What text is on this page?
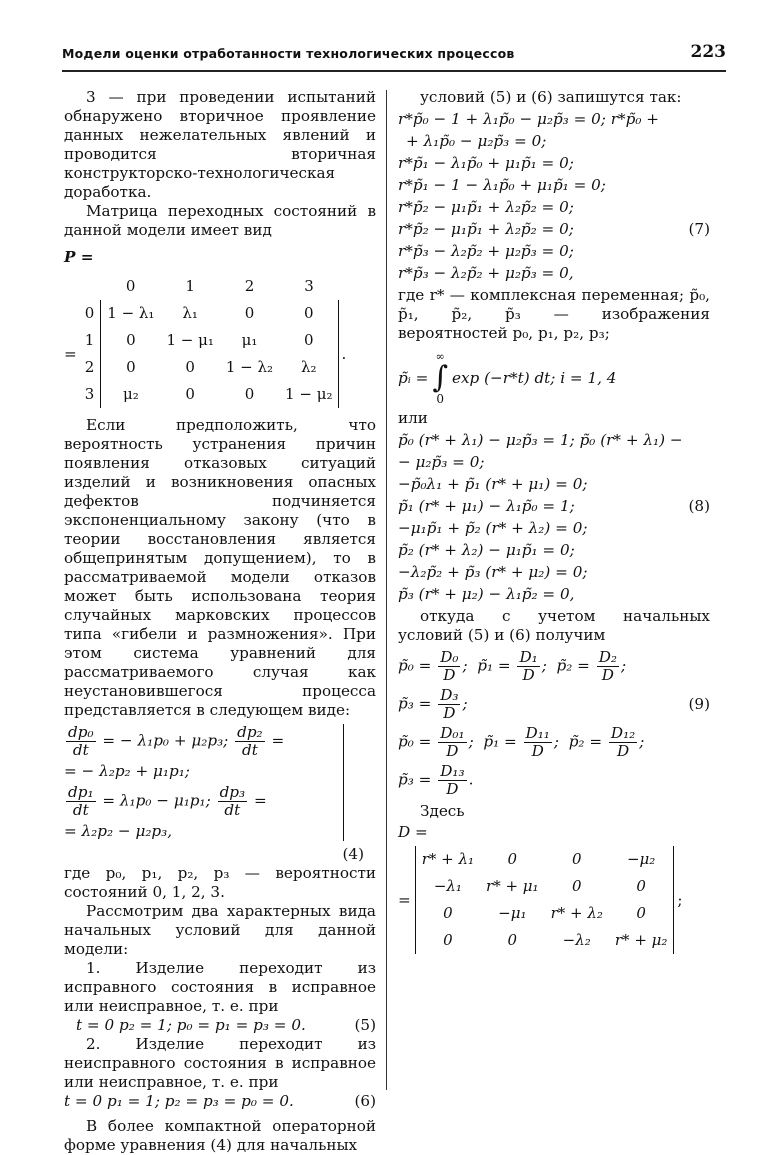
Модели оценки отработанности технологических процессов	223

3 — при проведении испытаний обнаружено вторичное проявление данных нежелательных явлений и проводится вторичная конструкторско-технологическая доработка.

Матрица переходных состояний в данной модели имеет вид

P =
=
	0	1	2	3
0	1 − λ₁	λ₁	0	0
1	0	1 − μ₁	μ₁	0
2	0	0	1 − λ₂	λ₂
3	μ₂	0	0	1 − μ₂
.

Если предположить, что вероятность устранения причин появления отказовых ситуаций изделий и возникновения опасных дефектов подчиняется экспоненциальному закону (что в теории восстановления является общепринятым допущением), то в рассматриваемой модели отказов может быть использована теория случайных марковских процессов типа «гибели и размножения». При этом система уравнений для рассматриваемого случая как неустановившегося процесса представляется в следующем виде:

$\frac{\text{dp₀}}{dt}$ = − λ₁p₀ + μ₂p₃; $\frac{\text{dp₂}}{dt}$ =
= − λ₂p₂ + μ₁p₁;
$\frac{\text{dp₁}}{dt} = \lambda_1p_0 - \mu_1p_1$; $\frac{\text{dp₃}}{dt}$ =
= λ₂p₂ − μ₂p₃,
(4)

где p₀, p₁, p₂, p₃ — вероятности состояний 0, 1, 2, 3.

Рассмотрим два характерных вида начальных условий для данной модели:

1. Изделие переходит из исправного состояния в исправное или неисправное, т. е. при

t = 0 p₂ = 1; p₀ = p₁ = p₃ = 0.	(5)

2. Изделие переходит из неисправного состояния в исправное или неисправное, т. е. при

t = 0 p₁ = 1; p₂ = p₃ = p₀ = 0.	(6)

В более компактной операторной форме уравнения (4) для начальных

условий (5) и (6) запишутся так:

r*p̃₀ − 1 + λ₁p̃₀ − μ₂p̃₃ = 0; r*p̃₀ +
+ λ₁p̃₀ − μ₂p̃₃ = 0;
r*p̃₁ − λ₁p̃₀ + μ₁p̃₁ = 0;
r*p̃₁ − 1 − λ₁p̃₀ + μ₁p̃₁ = 0;
r*p̃₂ − μ₁p̃₁ + λ₂p̃₂ = 0;
r*p̃₂ − μ₁p̃₁ + λ₂p̃₂ = 0;	(7)
r*p̃₃ − λ₂p̃₂ + μ₂p̃₃ = 0;
r*p̃₃ − λ₂p̃₂ + μ₂p̃₃ = 0,

где r* — комплексная переменная; p̃₀, p̃₁, p̃₂, p̃₃ — изображения вероятностей p₀, p₁, p₂, p₃;

p̃ᵢ =
∞
∫
0
exp (−r*t) dt; i = 1, 4
или
p̃₀ (r* + λ₁) − μ₂p̃₃ = 1; p̃₀ (r* + λ₁) −
− μ₂p̃₃ = 0;
−p̃₀λ₁ + p̃₁ (r* + μ₁) = 0;
p̃₁ (r* + μ₁) − λ₁p̃₀ = 1;	(8)
−μ₁p̃₁ + p̃₂ (r* + λ₂) = 0;
p̃₂ (r* + λ₂) − μ₁p̃₁ = 0;
−λ₂p̃₂ + p̃₃ (r* + μ₂) = 0;
p̃₃ (r* + μ₂) − λ₁p̃₂ = 0,

откуда с учетом начальных условий (5) и (6) получим

p̃₀ = $\frac{\text{D₀}}{D}$ ;  p̃₁ = $\frac{\text{D₁}}{D}$ ;  p̃₂ = $\frac{\text{D₂}}{D}$ ;
p̃₃ = $\frac{\text{D₃}}{D}$ ;	(9)
p̃₀ = $\frac{\text{D₀₁}}{D}$ ;  p̃₁ = $\frac{\text{D₁₁}}{D}$ ;  p̃₂ = $\frac{\text{D₁₂}}{D}$ ;
p̃₃ = $\frac{\text{D₁₃}}{D}$ .
Здесь
D =
=
r* + λ₁	0	0	−μ₂
−λ₁	r* + μ₁	0	0
0	−μ₁	r* + λ₂	0
0	0	−λ₂	r* + μ₂
;
